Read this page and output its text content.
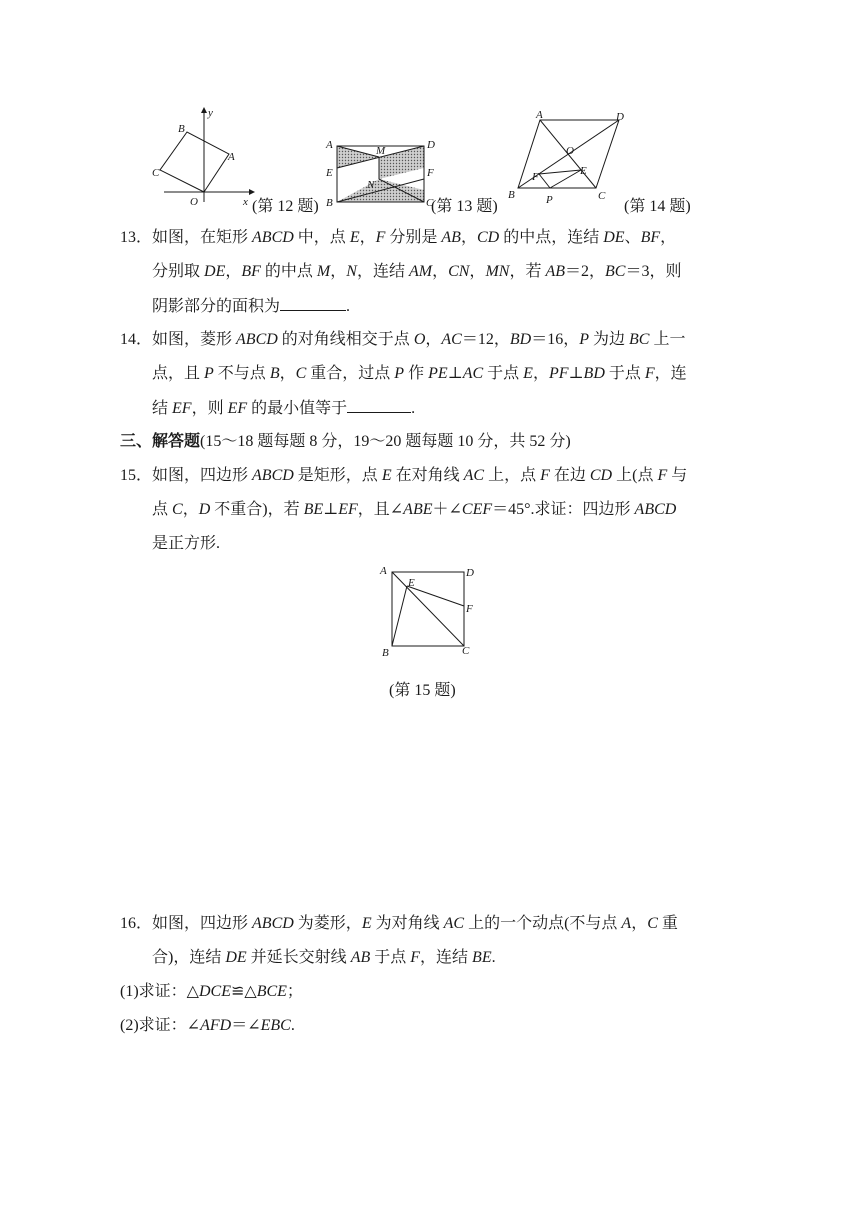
y
B
A
C
O	x (第 12 题)
A	D
M
E	F
N
B	C
(第 13 题)
A	D
O
E
F
B	P	C
(第 14 题)
13． 如图，在矩形 ABCD 中，点 E，F 分别是 AB，CD 的中点，连结 DE、BF，
分别取 DE，BF 的中点 M，N，连结 AM，CN，MN，若 AB＝2，BC＝3，则
阴影部分的面积为	.
14． 如图，菱形 ABCD 的对角线相交于点 O，AC＝12，BD＝16，P 为边 BC 上一
点，且 P 不与点 B，C 重合，过点 P 作 PE⊥AC 于点 E，PF⊥BD 于点 F，连
结 EF，则 EF 的最小值等于	.
三、解答题(15～18 题每题 8 分，19～20 题每题 10 分，共 52 分)
15． 如图，四边形 ABCD 是矩形，点 E 在对角线 AC 上，点 F 在边 CD 上(点 F 与
点 C，D 不重合)，若 BE⊥EF，且∠ABE＋∠CEF＝45°.求证：四边形 ABCD
是正方形.
A
E
D
F
B	C
(第 15 题)
16． 如图，四边形 ABCD 为菱形，E 为对角线 AC 上的一个动点(不与点 A，C 重
合)，连结 DE 并延长交射线 AB 于点 F，连结 BE.
(1)求证：△DCE≌△BCE；
(2)求证：∠AFD＝∠EBC.
